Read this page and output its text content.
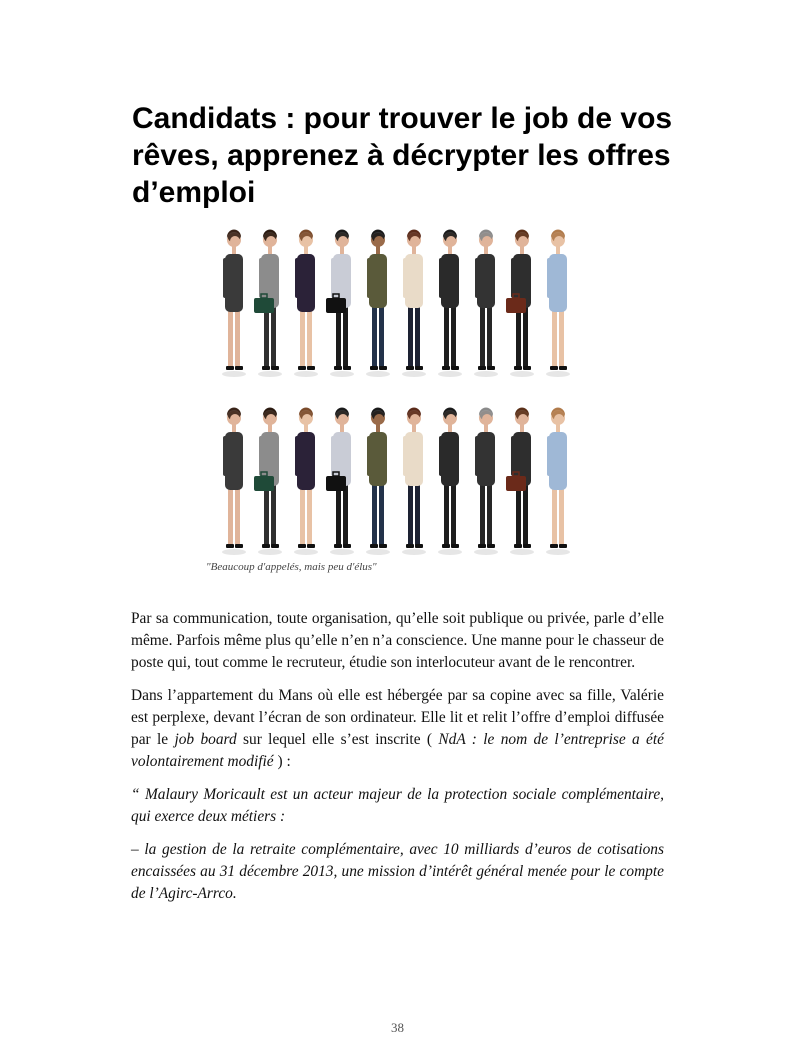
Candidats : pour trouver le job de vos rêves, apprenez à décrypter les offres d’emploi
"Beaucoup d'appelés, mais peu d'élus"

Par sa communication, toute organisation, qu’elle soit publique ou privée, parle d’elle même. Parfois même plus qu’elle n’en n’a conscience. Une manne pour le chasseur de poste qui, tout comme le recruteur, étudie son interlocuteur avant de le rencontrer.

Dans l’appartement du Mans où elle est hébergée par sa copine avec sa fille, Valérie est perplexe, devant l’écran de son ordinateur. Elle lit et relit l’offre d’emploi diffusée par le job board sur lequel elle s’est inscrite ( NdA : le nom de l’entreprise a été volontairement modifié ) :

“ Malaury Moricault est un acteur majeur de la protection sociale complémentaire, qui exerce deux métiers :

– la gestion de la retraite complémentaire, avec 10 milliards d’euros de cotisations encaissées au 31 décembre 2013, une mission d’intérêt général menée pour le compte de l’Agirc-Arrco.

38
